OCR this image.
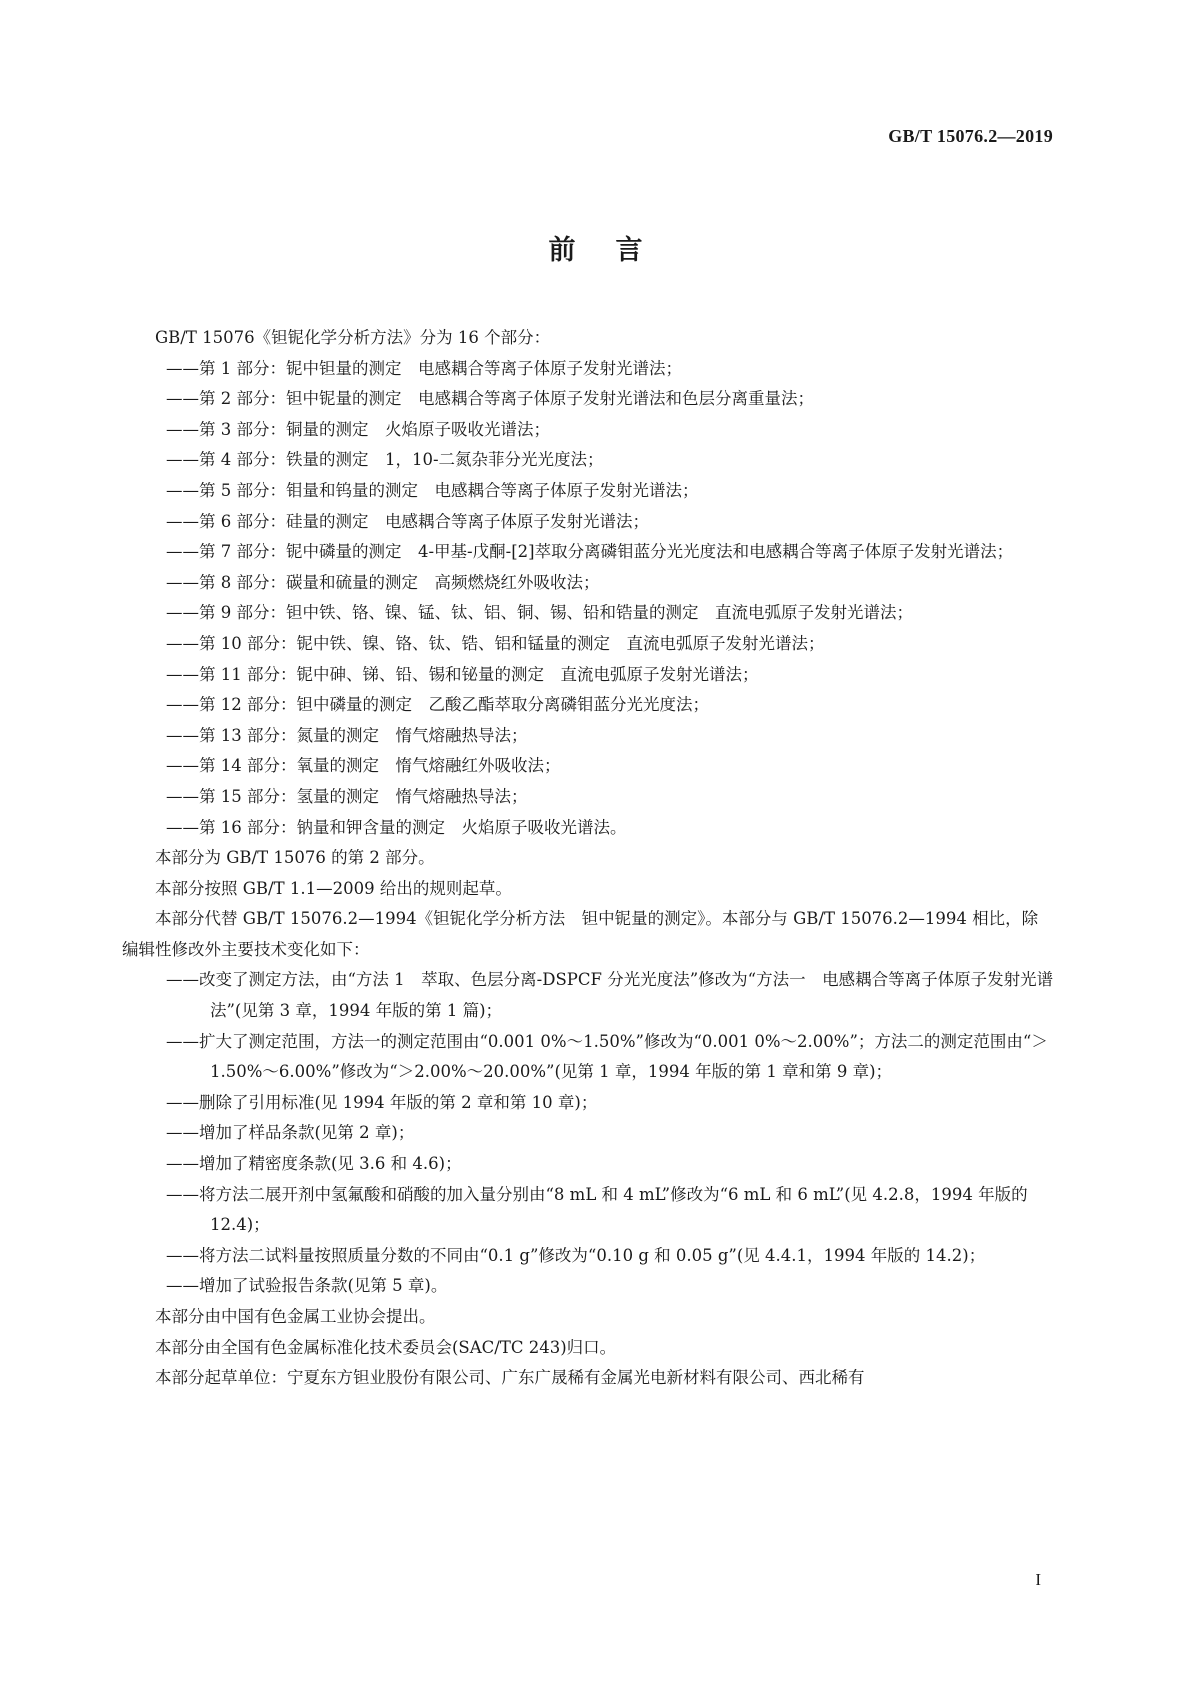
GB/T 15076.2—2019
前言

GB/T 15076《钽铌化学分析方法》分为 16 个部分：

——第 1 部分：铌中钽量的测定　电感耦合等离子体原子发射光谱法；

——第 2 部分：钽中铌量的测定　电感耦合等离子体原子发射光谱法和色层分离重量法；

——第 3 部分：铜量的测定　火焰原子吸收光谱法；

——第 4 部分：铁量的测定　1，10-二氮杂菲分光光度法；

——第 5 部分：钼量和钨量的测定　电感耦合等离子体原子发射光谱法；

——第 6 部分：硅量的测定　电感耦合等离子体原子发射光谱法；

——第 7 部分：铌中磷量的测定　4-甲基-戊酮-[2]萃取分离磷钼蓝分光光度法和电感耦合等离子体原子发射光谱法；

——第 8 部分：碳量和硫量的测定　高频燃烧红外吸收法；

——第 9 部分：钽中铁、铬、镍、锰、钛、铝、铜、锡、铅和锆量的测定　直流电弧原子发射光谱法；

——第 10 部分：铌中铁、镍、铬、钛、锆、铝和锰量的测定　直流电弧原子发射光谱法；

——第 11 部分：铌中砷、锑、铅、锡和铋量的测定　直流电弧原子发射光谱法；

——第 12 部分：钽中磷量的测定　乙酸乙酯萃取分离磷钼蓝分光光度法；

——第 13 部分：氮量的测定　惰气熔融热导法；

——第 14 部分：氧量的测定　惰气熔融红外吸收法；

——第 15 部分：氢量的测定　惰气熔融热导法；

——第 16 部分：钠量和钾含量的测定　火焰原子吸收光谱法。

本部分为 GB/T 15076 的第 2 部分。

本部分按照 GB/T 1.1—2009 给出的规则起草。

本部分代替 GB/T 15076.2—1994《钽铌化学分析方法　钽中铌量的测定》。本部分与 GB/T 15076.2—1994 相比，除编辑性修改外主要技术变化如下：

——改变了测定方法，由“方法 1　萃取、色层分离-DSPCF 分光光度法”修改为“方法一　电感耦合等离子体原子发射光谱法”(见第 3 章，1994 年版的第 1 篇)；

——扩大了测定范围，方法一的测定范围由“0.001 0%～1.50%”修改为“0.001 0%～2.00%”；方法二的测定范围由“＞1.50%～6.00%”修改为“＞2.00%～20.00%”(见第 1 章，1994 年版的第 1 章和第 9 章)；

——删除了引用标准(见 1994 年版的第 2 章和第 10 章)；

——增加了样品条款(见第 2 章)；

——增加了精密度条款(见 3.6 和 4.6)；

——将方法二展开剂中氢氟酸和硝酸的加入量分别由“8 mL 和 4 mL”修改为“6 mL 和 6 mL”(见 4.2.8，1994 年版的 12.4)；

——将方法二试料量按照质量分数的不同由“0.1 g”修改为“0.10 g 和 0.05 g”(见 4.4.1，1994 年版的 14.2)；

——增加了试验报告条款(见第 5 章)。

本部分由中国有色金属工业协会提出。

本部分由全国有色金属标准化技术委员会(SAC/TC 243)归口。

本部分起草单位：宁夏东方钽业股份有限公司、广东广晟稀有金属光电新材料有限公司、西北稀有

I
